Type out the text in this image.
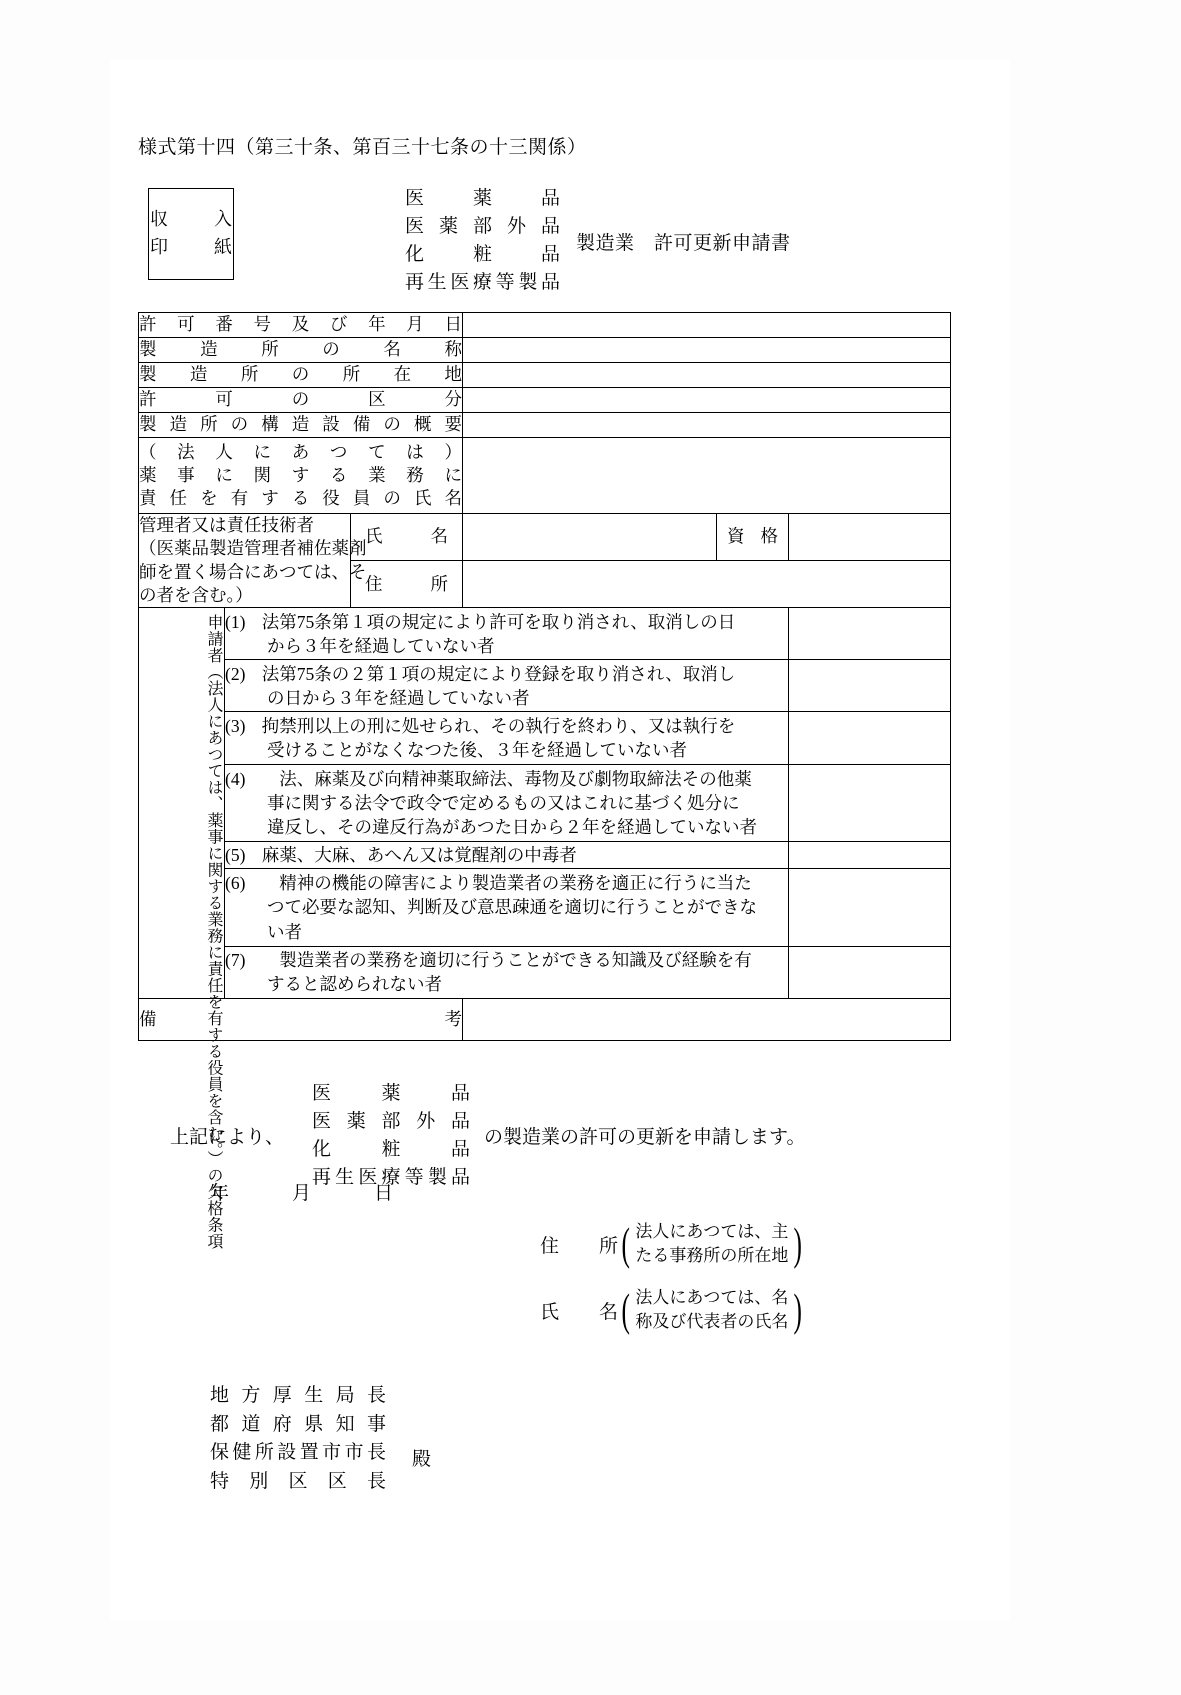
様式第十四（第三十条、第百三十七条の十三関係）
収　入
印　紙
医　薬　品
医薬部外品
化　粧　品
再生医療等製品
製造業　許可更新申請書
許可番号及び年月日					

製造所の名称					

製造所の所在地					

許可の区分					

製造所の構造設備の概要					

（法人にあつては）
薬事に関する業務に
責任を有する役員の氏名					

管理者又は責任技術者
（医薬品製造管理者補佐薬剤
師を置く場合にあつては、そ
の者を含む。）		氏　名		資格	

		住　所			

申請者（法人にあつては、薬事に関する業務に責任を有する役員を含む。）の欠格条項	(1) 法第75条第１項の規定により許可を取り消され、取消しの日

から３年を経過していない者				

	(2) 法第75条の２第１項の規定により登録を取り消され、取消し

の日から３年を経過していない者				

	(3) 拘禁刑以上の刑に処せられ、その執行を終わり、又は執行を

受けることがなくなつた後、３年を経過していない者				

	(4)　法、麻薬及び向精神薬取締法、毒物及び劇物取締法その他薬

事に関する法令で政令で定めるもの又はこれに基づく処分に

違反し、その違反行為があつた日から２年を経過していない者				

	(5) 麻薬、大麻、あへん又は覚醒剤の中毒者				

	(6)　精神の機能の障害により製造業者の業務を適正に行うに当た

つて必要な認知、判断及び意思疎通を適切に行うことができな

い者				

	(7)　製造業者の業務を適切に行うことができる知識及び経験を有

すると認められない者				

備　考					

上記により、
医　薬　品
医薬部外品
化　粧　品
再生医療等製品
の製造業の許可の更新を申請します。
年　月　日
住　所 ( 法人にあつては、主
たる事務所の所在地 )
氏　名 ( 法人にあつては、名
称及び代表者の氏名 )
地方厚生局長
都道府県知事
保健所設置市市長
特別区区長
殿
